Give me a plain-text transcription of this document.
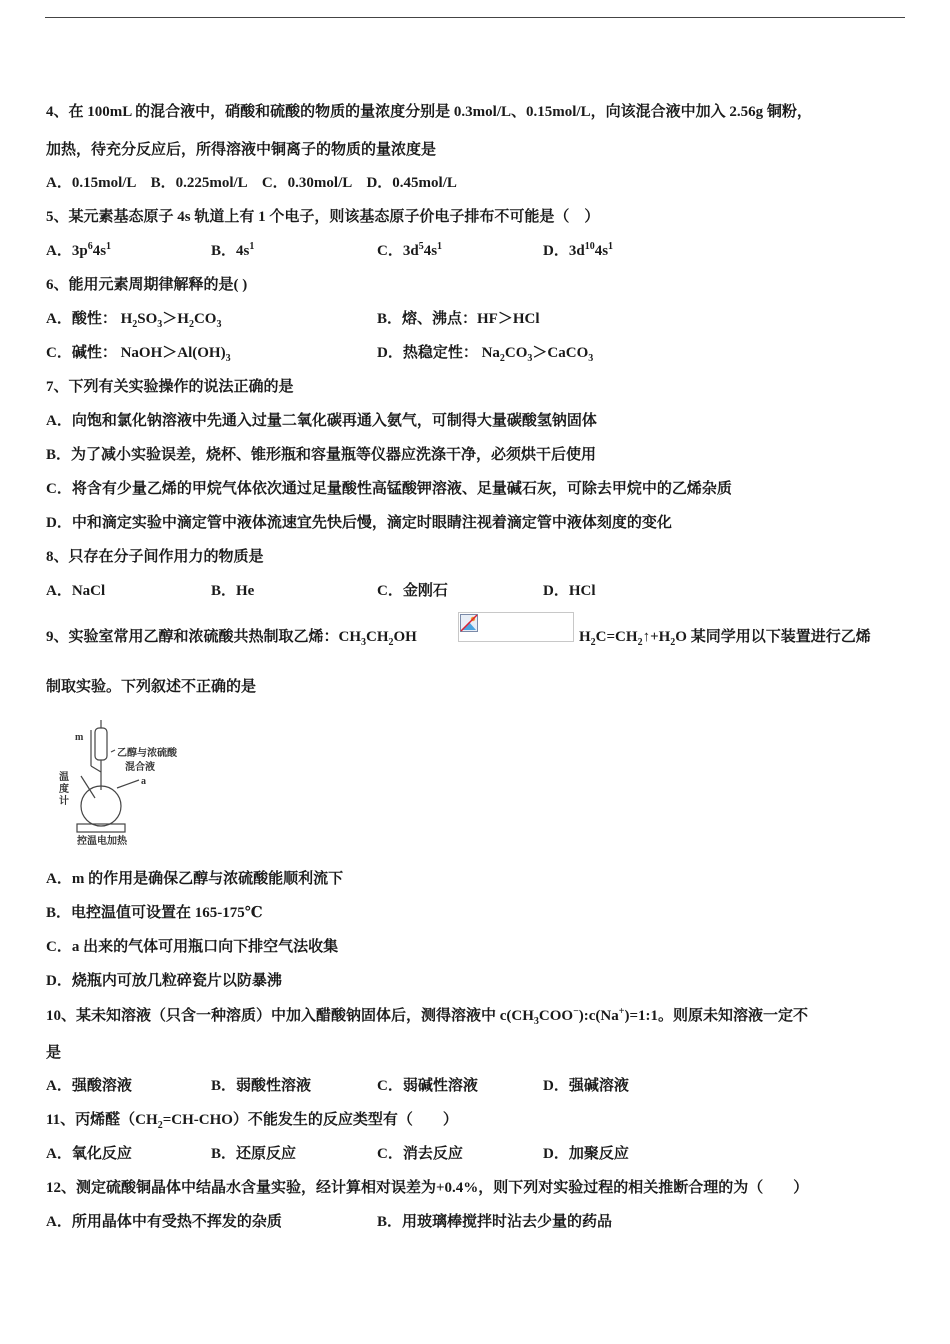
4、在 100mL 的混合液中，硝酸和硫酸的物质的量浓度分别是 0.3mol/L、0.15mol/L，向该混合液中加入 2.56g 铜粉，
加热，待充分反应后，所得溶液中铜离子的物质的量浓度是
A．0.15mol/L　B．0.225mol/L　C．0.30mol/L　D．0.45mol/L
5、某元素基态原子 4s 轨道上有 1 个电子，则该基态原子价电子排布不可能是（　）
A．$3p^64s^1$	B．$4s^1$	C．$3d^54s^1$	D．$3d^{10}4s^1$
6、能用元素周期律解释的是( )
A．酸性： $H_2SO_3>H_2CO_3$	B．熔、沸点：HF＞HCl
C．碱性： $NaOH>Al(OH)_3$	D．热稳定性： $Na_2CO_3>CaCO_3$
7、下列有关实验操作的说法正确的是
A．向饱和氯化钠溶液中先通入过量二氧化碳再通入氨气，可制得大量碳酸氢钠固体
B．为了减小实验误差，烧杯、锥形瓶和容量瓶等仪器应洗涤干净，必须烘干后使用
C．将含有少量乙烯的甲烷气体依次通过足量酸性高锰酸钾溶液、足量碱石灰，可除去甲烷中的乙烯杂质
D．中和滴定实验中滴定管中液体流速宜先快后慢，滴定时眼睛注视着滴定管中液体刻度的变化
8、只存在分子间作用力的物质是
A．NaCl	B．He	C．金刚石	D．HCl
9、实验室常用乙醇和浓硫酸共热制取乙烯：$CH_3CH_2OH$	$H_2C=CH_2↑+H_2O$ 某同学用以下装置进行乙烯
制取实验。下列叙述不正确的是
m
乙醇与浓硫酸
混合液
a
温
度
计
控温电加热
A．m 的作用是确保乙醇与浓硫酸能顺利流下
B．电控温值可设置在 165-175℃
C．a 出来的气体可用瓶口向下排空气法收集
D．烧瓶内可放几粒碎瓷片以防暴沸
10、某未知溶液（只含一种溶质）中加入醋酸钠固体后，测得溶液中 $c(CH_3COO^-):c(Na^+)=1:1$。则原未知溶液一定不
是
A．强酸溶液	B．弱酸性溶液	C．弱碱性溶液	D．强碱溶液
11、丙烯醛$(CH_2=CH-CHO)$不能发生的反应类型有（　　）
A．氧化反应	B．还原反应	C．消去反应	D．加聚反应
12、测定硫酸铜晶体中结晶水含量实验，经计算相对误差为+0.4%，则下列对实验过程的相关推断合理的为（　　）
A．所用晶体中有受热不挥发的杂质	B．用玻璃棒搅拌时沾去少量的药品
